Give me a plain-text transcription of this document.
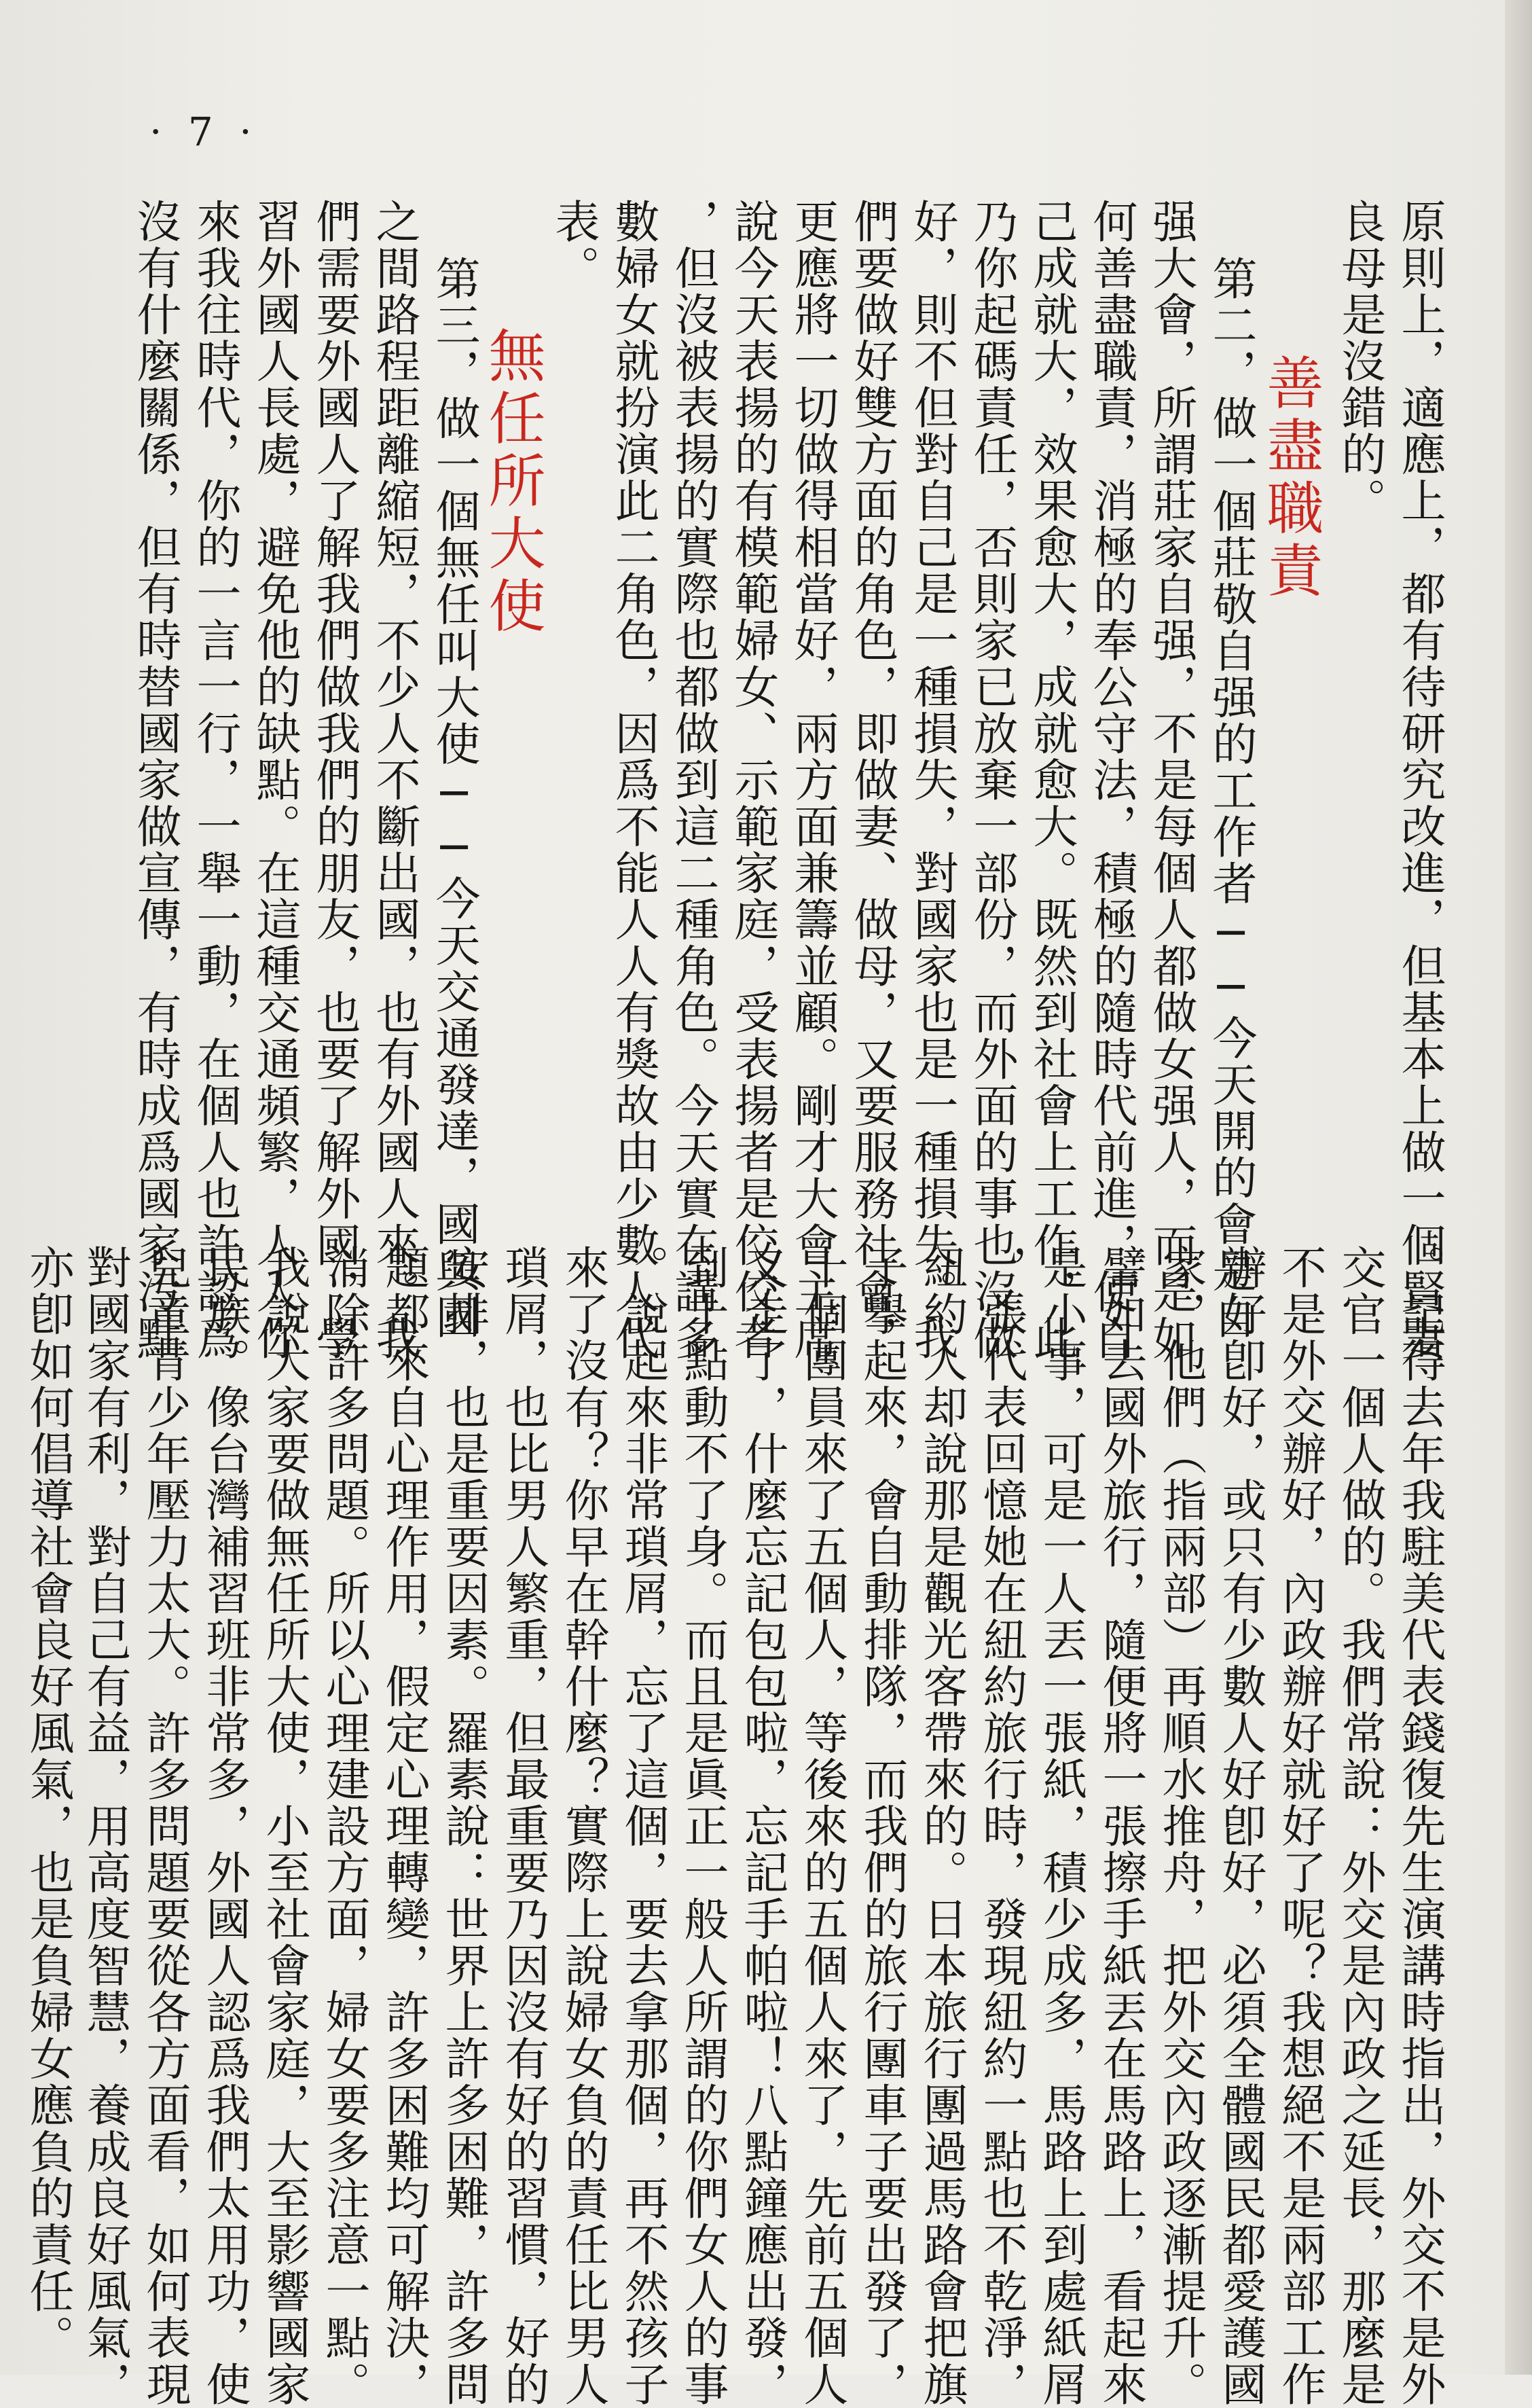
· 7 ·
原則上，適應上，都有待研究改進，但基本上做一個賢妻
良母是沒錯的。
善盡職責
第二，做一個莊敬自强的工作者──今天開的會是自
强大會，所謂莊家自强，不是每個人都做女强人，而是如
何善盡職責，消極的奉公守法，積極的隨時代前進，使自
己成就大，效果愈大，成就愈大。既然到社會上工作，此
乃你起碼責任，否則家已放棄一部份，而外面的事也沒做
好，則不但對自己是一種損失，對國家也是一種損失。我
們要做好雙方面的角色，即做妻、做母，又要服務社會，
更應將一切做得相當好，兩方面兼籌並顧。剛才大會主席
說今天表揚的有模範婦女、示範家庭，受表揚者是佼佼者
，但沒被表揚的實際也都做到這二種角色。今天實在講多
數婦女就扮演此二角色，因爲不能人人有獎故由少數人代
表。
無任所大使
第三，做一個無任叫大使──今天交通發達，國與國
之間路程距離縮短，不少人不斷出國，也有外國人來。我
們需要外國人了解我們做我們的朋友，也要了解外國，學
習外國人長處，避免他的缺點。在這種交通頻繁，人人你
來我往時代，你的一言一行，一舉一動，在個人也許認爲
沒有什麼關係，但有時替國家做宣傳，有時成爲國家汚點
。記得去年我駐美代表錢復先生演講時指出，外交不是外
交官一個人做的。我們常說：外交是內政之延長，那麼是
不是外交辦好，內政辦好就好了呢？我想絕不是兩部工作
辦好卽好，或只有少數人好卽好，必須全體國民都愛護國
家，他們（指兩部）再順水推舟，把外交內政逐漸提升。
譬如去國外旅行，隨便將一張擦手紙丟在馬路上，看起來
是小事，可是一人丟一張紙，積少成多，馬路上到處紙屑
，張代表回憶她在紐約旅行時，發現紐約一點也不乾淨，
紐約人却說那是觀光客帶來的。日本旅行團過馬路會把旗
子擧起來，會自動排隊，而我們的旅行團車子要出發了，
十個團員來了五個人，等後來的五個人來了，先前五個人
又走了，什麼忘記包包啦，忘記手帕啦！八點鐘應出發，
到十點動不了身。而且是眞正一般人所謂的你們女人的事
。說起來非常瑣屑，忘了這個，要去拿那個，再不然孩子
來了沒有？你早在幹什麼？實際上說婦女負的責任比男人
瑣屑，也比男人繁重，但最重要乃因沒有好的習慣，好的
安排，也是重要因素。羅素說：世界上許多困難，許多問
題都來自心理作用，假定心理轉變，許多困難均可解決，
消除許多問題。所以心理建設方面，婦女要多注意一點。
我說大家要做無任所大使，小至社會家庭，大至影響國家
民族。像台灣補習班非常多，外國人認爲我們太用功，使
兒童青少年壓力太大。許多問題要從各方面看，如何表現
對國家有利，對自己有益，用高度智慧，養成良好風氣，
亦卽如何倡導社會良好風氣，也是負婦女應負的責任。
